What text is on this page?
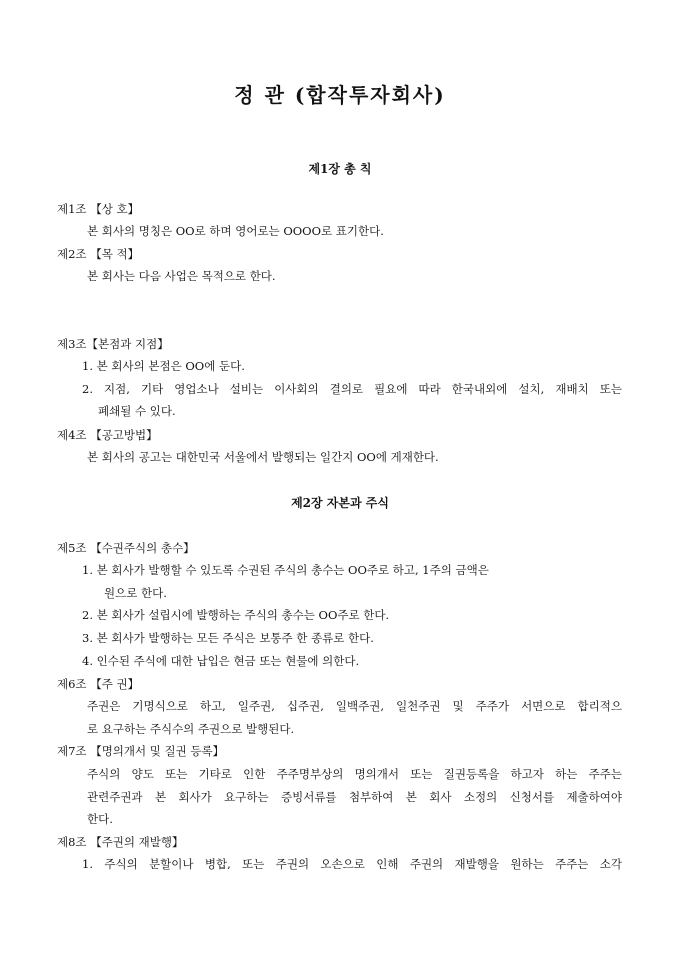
정 관 (합작투자회사)
제1장 총 칙
제1조 【상 호】
본 회사의 명칭은 OO로 하며 영어로는 OOOO로 표기한다.
제2조 【목 적】
본 회사는 다음 사업은 목적으로 한다.
제3조【본점과 지점】
1. 본 회사의 본점은 OO에 둔다.
2. 지점, 기타 영업소나 설비는 이사회의 결의로 필요에 따라 한국내외에 설치, 재배치 또는
폐쇄될 수 있다.
제4조 【공고방법】
본 회사의 공고는 대한민국 서울에서 발행되는 일간지 OO에 게재한다.
제2장 자본과 주식
제5조 【수권주식의 총수】
1. 본 회사가 발행할 수 있도록 수권된 주식의 총수는 OO주로 하고, 1주의 금액은
원으로 한다.
2. 본 회사가 설립시에 발행하는 주식의 총수는 OO주로 한다.
3. 본 회사가 발행하는 모든 주식은 보통주 한 종류로 한다.
4. 인수된 주식에 대한 납입은 현금 또는 현물에 의한다.
제6조 【주 권】
주권은 기명식으로 하고, 일주권, 십주권, 일백주권, 일천주권 및 주주가 서면으로 합리적으
로 요구하는 주식수의 주권으로 발행된다.
제7조 【명의개서 및 질권 등록】
주식의 양도 또는 기타로 인한 주주명부상의 명의개서 또는 질권등록을 하고자 하는 주주는
관련주권과 본 회사가 요구하는 증빙서류를 첨부하여 본 회사 소정의 신청서를 제출하여야
한다.
제8조 【주권의 재발행】
1. 주식의 분할이나 병합, 또는 주권의 오손으로 인해 주권의 재발행을 원하는 주주는 소각
